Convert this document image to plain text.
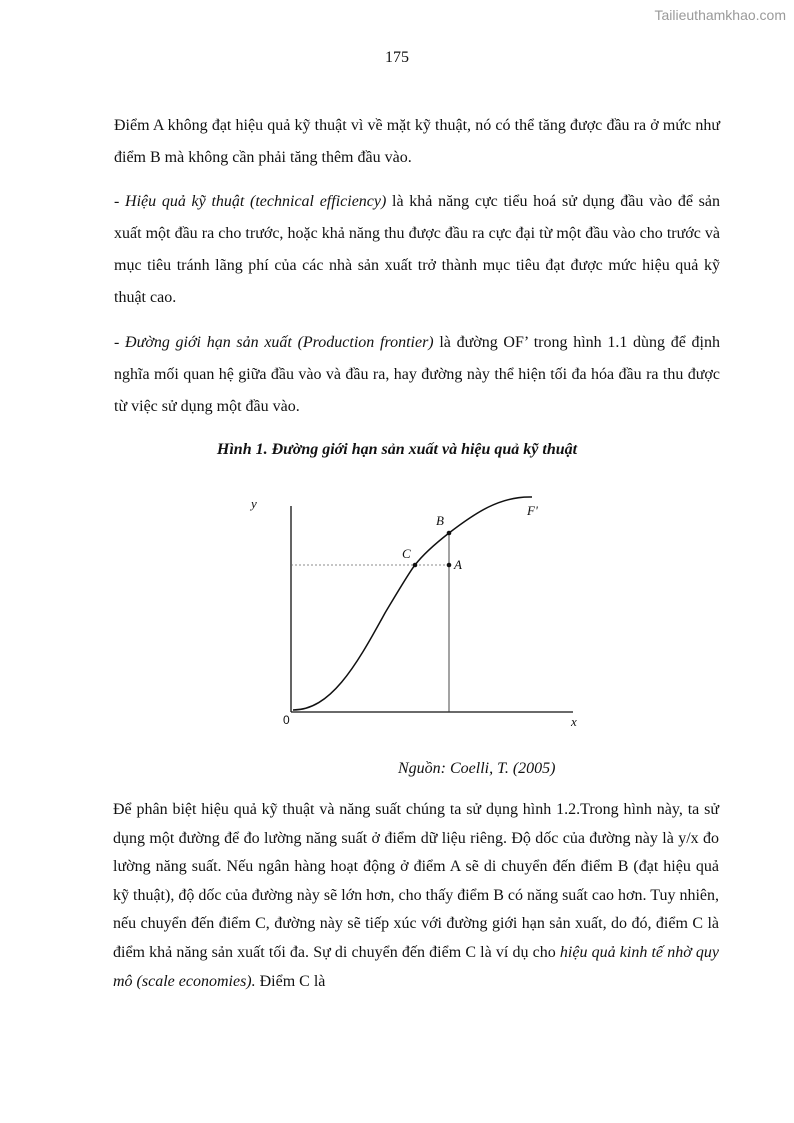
Tailieuthamkhao.com
175

Điểm A không đạt hiệu quả kỹ thuật vì về mặt kỹ thuật, nó có thể tăng được đầu ra ở mức như điểm B mà không cần phải tăng thêm đầu vào.

- Hiệu quả kỹ thuật (technical efficiency) là khả năng cực tiểu hoá sử dụng đầu vào để sản xuất một đầu ra cho trước, hoặc khả năng thu được đầu ra cực đại từ một đầu vào cho trước và mục tiêu tránh lãng phí của các nhà sản xuất trở thành mục tiêu đạt được mức hiệu quả kỹ thuật cao.

- Đường giới hạn sản xuất (Production frontier) là đường OF’ trong hình 1.1 dùng để định nghĩa mối quan hệ giữa đầu vào và đầu ra, hay đường này thể hiện tối đa hóa đầu ra thu được từ việc sử dụng một đầu vào.

Hình 1. Đường giới hạn sản xuất và hiệu quả kỹ thuật
y
x
0
F'
B
C
A
Nguồn: Coelli, T. (2005)

Để phân biệt hiệu quả kỹ thuật và năng suất chúng ta sử dụng hình 1.2.Trong hình này, ta sử dụng một đường để đo lường năng suất ở điểm dữ liệu riêng. Độ dốc của đường này là y/x đo lường năng suất. Nếu ngân hàng hoạt động ở điểm A sẽ di chuyển đến điểm B (đạt hiệu quả kỹ thuật), độ dốc của đường này sẽ lớn hơn, cho thấy điểm B có năng suất cao hơn. Tuy nhiên, nếu chuyển đến điểm C, đường này sẽ tiếp xúc với đường giới hạn sản xuất, do đó, điểm C là điểm khả năng sản xuất tối đa. Sự di chuyển đến điểm C là ví dụ cho hiệu quả kinh tế nhờ quy mô (scale economies). Điểm C là
